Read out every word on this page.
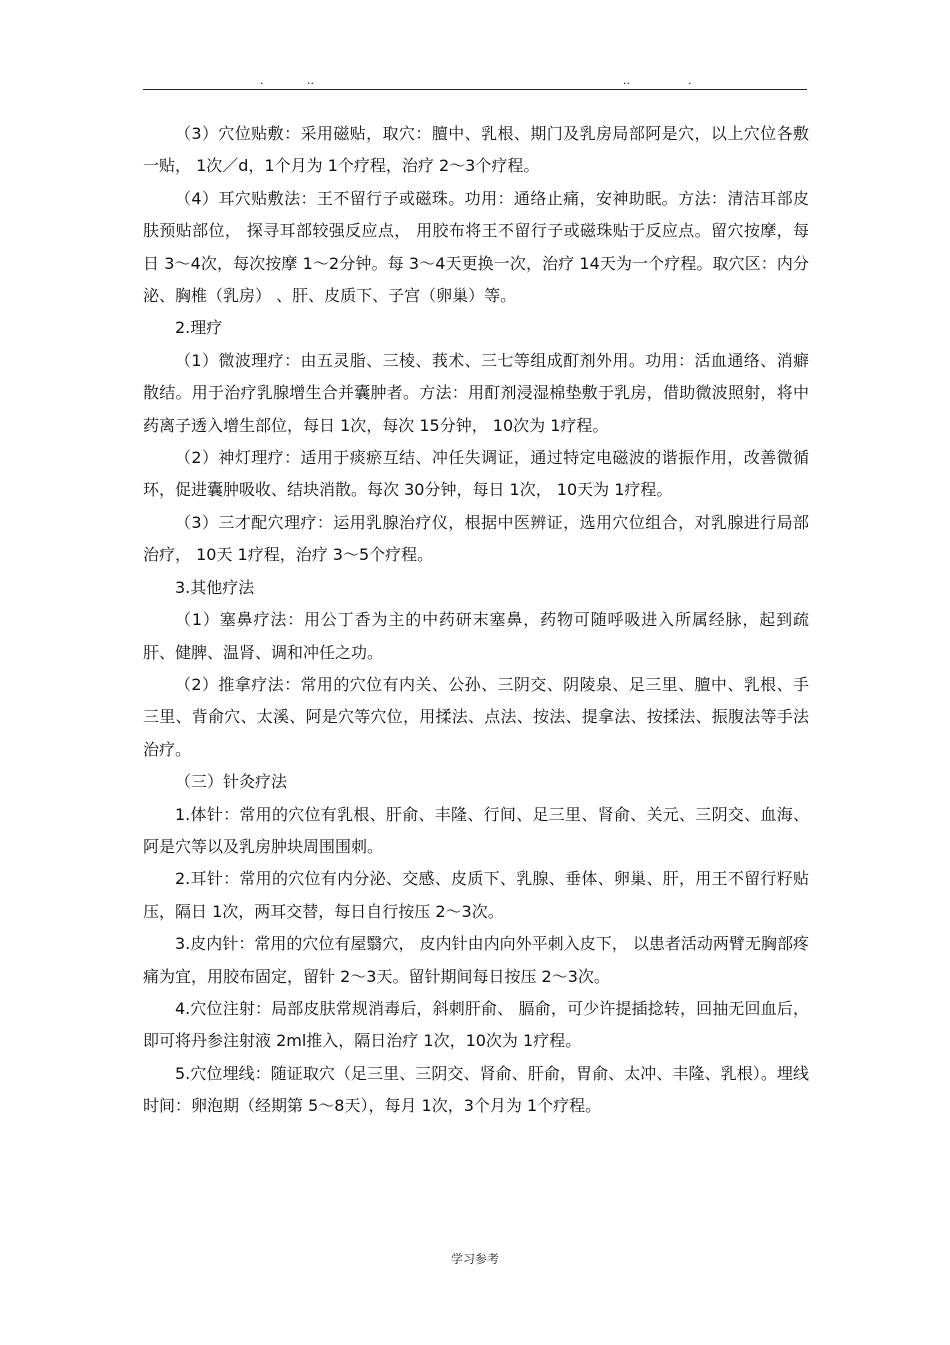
.	..	..	.

（3）穴位贴敷：采用磁贴，取穴：膻中、乳根、期门及乳房局部阿是穴，以上穴位各敷一贴， 1次／d，1个月为 1个疗程，治疗 2～3个疗程。

（4）耳穴贴敷法：王不留行子或磁珠。功用：通络止痛，安神助眠。方法：清洁耳部皮肤预贴部位， 探寻耳部较强反应点， 用胶布将王不留行子或磁珠贴于反应点。留穴按摩，每日 3～4次，每次按摩 1～2分钟。每 3～4天更换一次，治疗 14天为一个疗程。取穴区：内分泌、胸椎（乳房） 、肝、皮质下、子宫（卵巢）等。

2.理疗

（1）微波理疗：由五灵脂、三棱、莪术、三七等组成酊剂外用。功用：活血通络、消癖散结。用于治疗乳腺增生合并囊肿者。方法：用酊剂浸湿棉垫敷于乳房，借助微波照射，将中药离子透入增生部位，每日 1次，每次 15分钟， 10次为 1疗程。

（2）神灯理疗：适用于痰瘀互结、冲任失调证，通过特定电磁波的谐振作用，改善微循环，促进囊肿吸收、结块消散。每次 30分钟，每日 1次， 10天为 1疗程。

（3）三才配穴理疗：运用乳腺治疗仪，根据中医辨证，选用穴位组合，对乳腺进行局部治疗， 10天 1疗程，治疗 3～5个疗程。

3.其他疗法

（1）塞鼻疗法：用公丁香为主的中药研末塞鼻，药物可随呼吸进入所属经脉，起到疏肝、健脾、温肾、调和冲任之功。

（2）推拿疗法：常用的穴位有内关、公孙、三阴交、阴陵泉、足三里、膻中、乳根、手三里、背俞穴、太溪、阿是穴等穴位，用揉法、点法、按法、提拿法、按揉法、振腹法等手法治疗。

（三）针灸疗法

1.体针：常用的穴位有乳根、肝俞、丰隆、行间、足三里、肾俞、关元、三阴交、血海、阿是穴等以及乳房肿块周围围刺。

2.耳针：常用的穴位有内分泌、交感、皮质下、乳腺、垂体、卵巢、肝，用王不留行籽贴压，隔日 1次，两耳交替，每日自行按压 2～3次。

3.皮内针：常用的穴位有屋翳穴， 皮内针由内向外平刺入皮下， 以患者活动两臂无胸部疼痛为宜，用胶布固定，留针 2～3天。留针期间每日按压 2～3次。

4.穴位注射：局部皮肤常规消毒后，斜刺肝俞、 膈俞，可少许提插捻转，回抽无回血后， 即可将丹参注射液 2ml推入，隔日治疗 1次，10次为 1疗程。

5.穴位埋线：随证取穴（足三里、三阴交、肾俞、肝俞，胃俞、太冲、丰隆、乳根）。埋线时间：卵泡期（经期第 5～8天），每月 1次，3个月为 1个疗程。

学习参考
